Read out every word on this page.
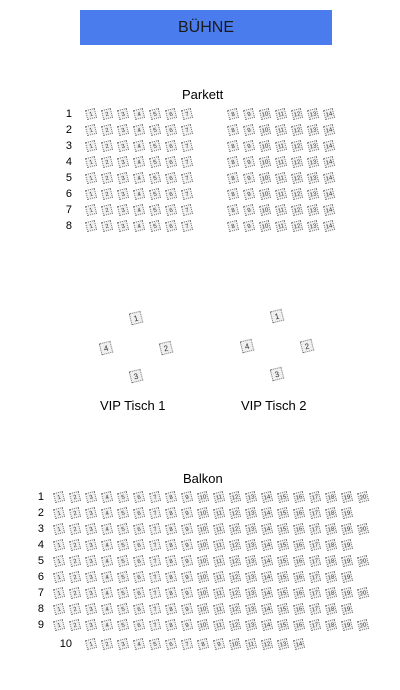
BÜHNE
Parkett
1	1	2	3	4	5	6	7	8	9	10	11	12	13	14
2	1	2	3	4	5	6	7	8	9	10	11	12	13	14
3	1	2	3	4	5	6	7	8	9	10	11	12	13	14
4	1	2	3	4	5	6	7	8	9	10	11	12	13	14
5	1	2	3	4	5	6	7	8	9	10	11	12	13	14
6	1	2	3	4	5	6	7	8	9	10	11	12	13	14
7	1	2	3	4	5	6	7	8	9	10	11	12	13	14
8	1	2	3	4	5	6	7	8	9	10	11	12	13	14
1
2
3
4
VIP Tisch 1
1
2
3
4
VIP Tisch 2
Balkon
1	1	2	3	4	5	6	7	8	9	10	11	12	13	14	15	16	17	18	19	20
2	1	2	3	4	5	6	7	8	9	10	11	12	13	14	15	16	17	18	19
3	1	2	3	4	5	6	7	8	9	10	11	12	13	14	15	16	17	18	19	20
4	1	2	3	4	5	6	7	8	9	10	11	12	13	14	15	16	17	18	19
5	1	2	3	4	5	6	7	8	9	10	11	12	13	14	15	16	17	18	19	20
6	1	2	3	4	5	6	7	8	9	10	11	12	13	14	15	16	17	18	19
7	1	2	3	4	5	6	7	8	9	10	11	12	13	14	15	16	17	18	19	20
8	1	2	3	4	5	6	7	8	9	10	11	12	13	14	15	16	17	18	19
9	1	2	3	4	5	6	7	8	9	10	11	12	13	14	15	16	17	18	19	20
10	1	2	3	4	5	6	7	8	9	10	11	12	13	14
